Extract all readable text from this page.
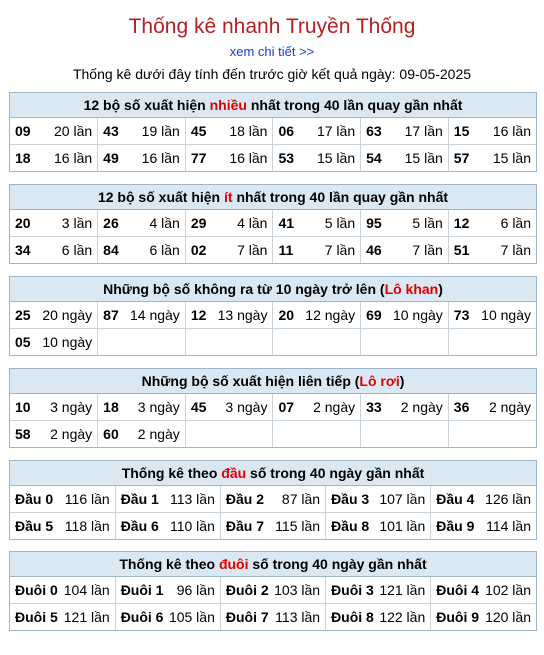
Thống kê nhanh Truyền Thống
xem chi tiết >>
Thống kê dưới đây tính đến trước giờ kết quả ngày: 09-05-2025
12 bộ số xuất hiện nhiều nhất trong 40 lần quay gần nhất
09 20 lần	43 19 lần	45 18 lần	06 17 lần	63 17 lần	15 16 lần

18 16 lần	49 16 lần	77 16 lần	53 15 lần	54 15 lần	57 15 lần
12 bộ số xuất hiện ít nhất trong 40 lần quay gần nhất
20 3 lần	26 4 lần	29 4 lần	41 5 lần	95 5 lần	12 6 lần

34 6 lần	84 6 lần	02 7 lần	11 7 lần	46 7 lần	51 7 lần
Những bộ số không ra từ 10 ngày trở lên (Lô khan)
25 20 ngày	87 14 ngày	12 13 ngày	20 12 ngày	69 10 ngày	73 10 ngày

05 10 ngày					

Những bộ số xuất hiện liên tiếp (Lô rơi)
10 3 ngày	18 3 ngày	45 3 ngày	07 2 ngày	33 2 ngày	36 2 ngày

58 2 ngày	60 2 ngày				

Thống kê theo đầu số trong 40 ngày gần nhất
Đầu 0 116 lần	Đầu 1 113 lần	Đầu 2 87 lần	Đầu 3 107 lần	Đầu 4 126 lần

Đầu 5 118 lần	Đầu 6 110 lần	Đầu 7 115 lần	Đầu 8 101 lần	Đầu 9 114 lần
Thống kê theo đuôi số trong 40 ngày gần nhất
Đuôi 0 104 lần	Đuôi 1 96 lần	Đuôi 2 103 lần	Đuôi 3 121 lần	Đuôi 4 102 lần

Đuôi 5 121 lần	Đuôi 6 105 lần	Đuôi 7 113 lần	Đuôi 8 122 lần	Đuôi 9 120 lần
